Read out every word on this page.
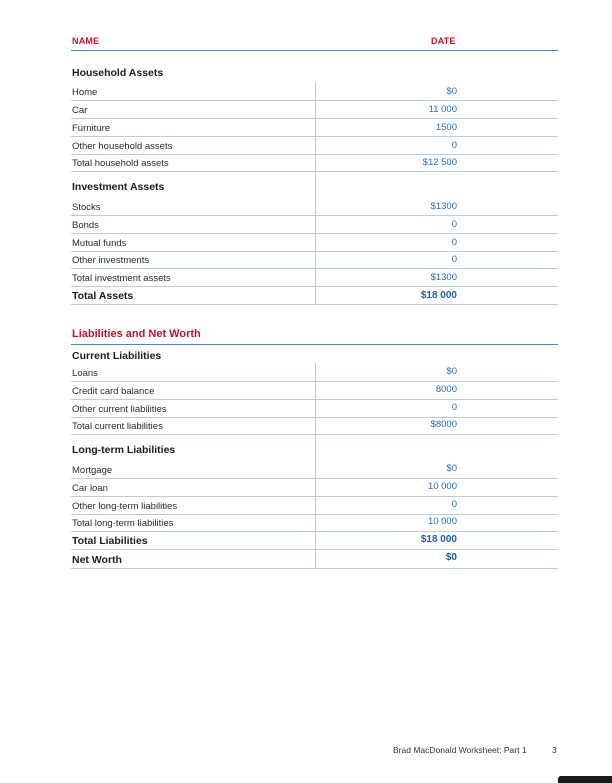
NAME	DATE
Household Assets
Home	$0
Car	11 000
Furniture	1500
Other household assets	0
Total household assets	$12 500
Investment Assets
Stocks	$1300
Bonds	0
Mutual funds	0
Other investments	0
Total investment assets	$1300
Total Assets	$18 000
Liabilities and Net Worth
Current Liabilities
Loans	$0
Credit card balance	8000
Other current liabilities	0
Total current liabilities	$8000
Long-term Liabilities
Mortgage	$0
Car loan	10 000
Other long-term liabilities	0
Total long-term liabilities	10 000
Total Liabilities	$18 000
Net Worth	$0
Brad MacDonald Worksheet: Part 1	3
